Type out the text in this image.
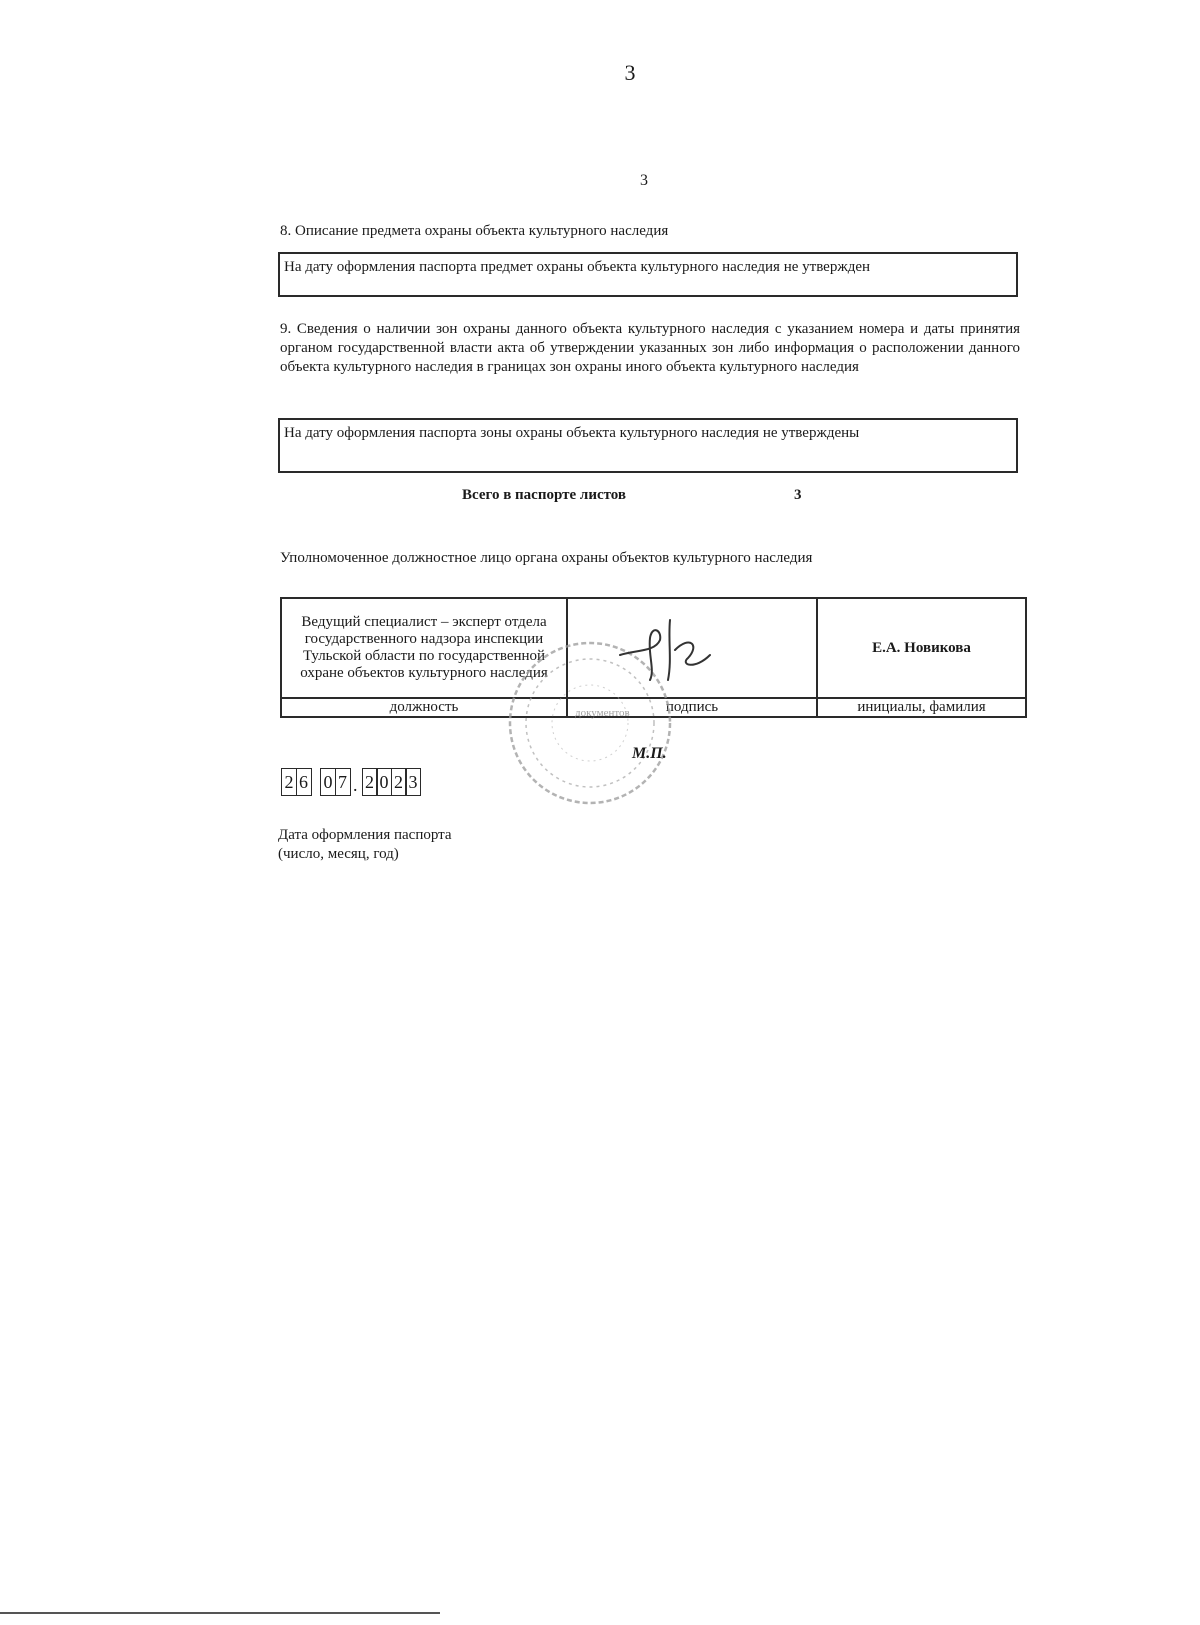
3
3
8. Описание предмета охраны объекта культурного наследия
На дату оформления паспорта предмет охраны объекта культурного наследия не утвержден
9. Сведения о наличии зон охраны данного объекта культурного наследия с указанием номера и даты принятия органом государственной власти акта об утверждении указанных зон либо информация о расположении данного объекта культурного наследия в границах зон охраны иного объекта культурного наследия
На дату оформления паспорта зоны охраны объекта культурного наследия не утверждены
Всего в паспорте листов	3
Уполномоченное должностное лицо органа охраны объектов культурного наследия
Ведущий специалист – эксперт отдела государственного надзора инспекции Тульской области по государственной охране объектов культурного наследия		Е.А. Новикова
должность	подпись	инициалы, фамилия
документов
М.П.
2 6 0 7 . 2 0 2 3
Дата оформления паспорта
(число, месяц, год)
